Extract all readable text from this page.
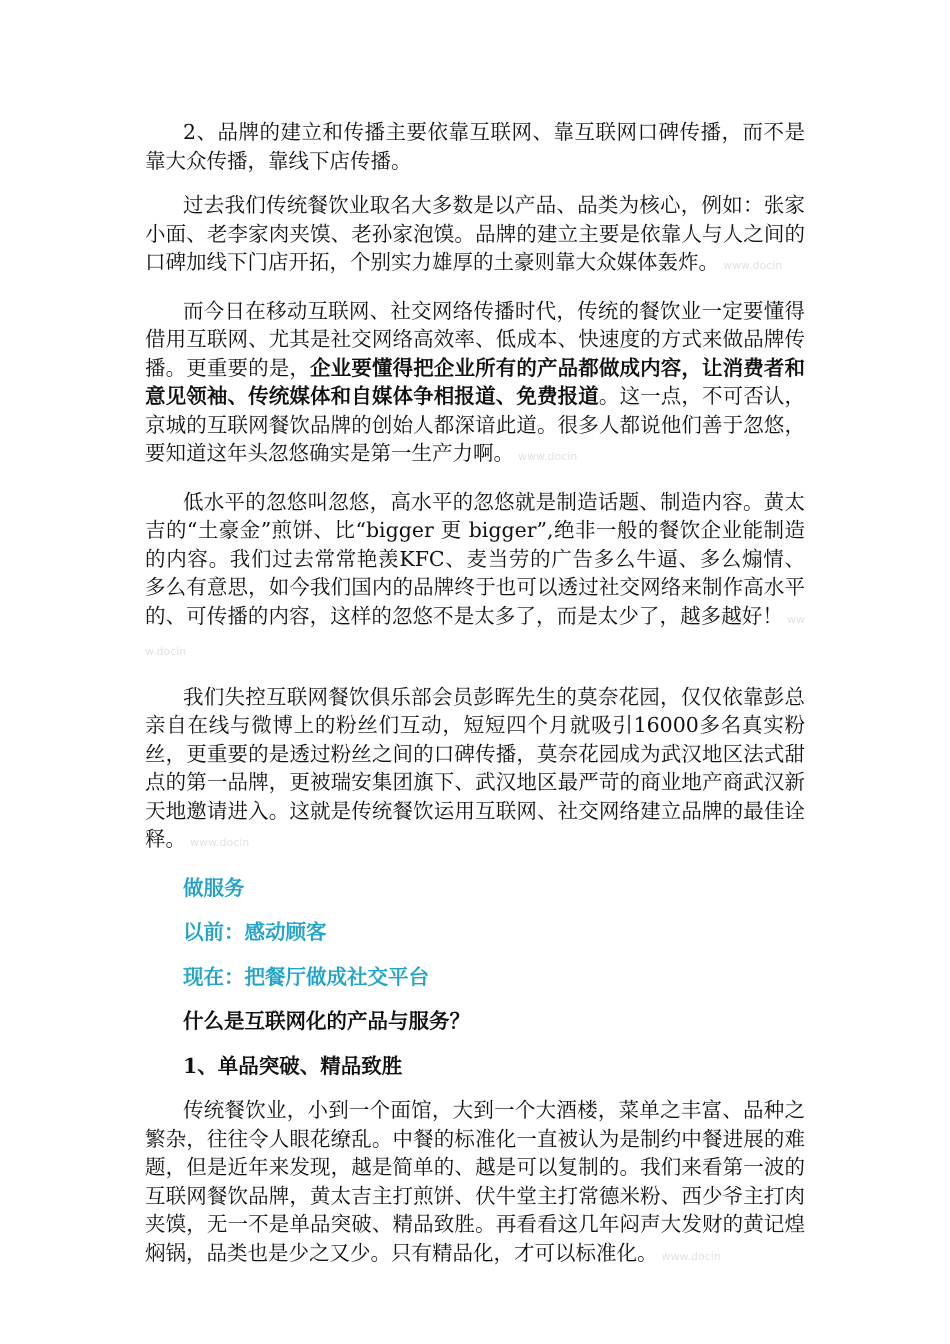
2、品牌的建立和传播主要依靠互联网、靠互联网口碑传播，而不是靠大众传播，靠线下店传播。

过去我们传统餐饮业取名大多数是以产品、品类为核心，例如：张家小面、老李家肉夹馍、老孙家泡馍。品牌的建立主要是依靠人与人之间的口碑加线下门店开拓，个别实力雄厚的土豪则靠大众媒体轰炸。 www.docin

而今日在移动互联网、社交网络传播时代，传统的餐饮业一定要懂得借用互联网、尤其是社交网络高效率、低成本、快速度的方式来做品牌传播。更重要的是，企业要懂得把企业所有的产品都做成内容，让消费者和意见领袖、传统媒体和自媒体争相报道、免费报道。这一点，不可否认，京城的互联网餐饮品牌的创始人都深谙此道。很多人都说他们善于忽悠，要知道这年头忽悠确实是第一生产力啊。 www.docin

低水平的忽悠叫忽悠，高水平的忽悠就是制造话题、制造内容。黄太吉的“土豪金”煎饼、比“bigger 更 bigger”,绝非一般的餐饮企业能制造的内容。我们过去常常艳羡KFC、麦当劳的广告多么牛逼、多么煽情、多么有意思，如今我们国内的品牌终于也可以透过社交网络来制作高水平的、可传播的内容，这样的忽悠不是太多了，而是太少了，越多越好！ www.docin

我们失控互联网餐饮俱乐部会员彭晖先生的莫奈花园，仅仅依靠彭总亲自在线与微博上的粉丝们互动，短短四个月就吸引16000多名真实粉丝，更重要的是透过粉丝之间的口碑传播，莫奈花园成为武汉地区法式甜点的第一品牌，更被瑞安集团旗下、武汉地区最严苛的商业地产商武汉新天地邀请进入。这就是传统餐饮运用互联网、社交网络建立品牌的最佳诠释。 www.docin

做服务
以前：感动顾客
现在：把餐厅做成社交平台
什么是互联网化的产品与服务？
1、单品突破、精品致胜

传统餐饮业，小到一个面馆，大到一个大酒楼，菜单之丰富、品种之繁杂，往往令人眼花缭乱。中餐的标准化一直被认为是制约中餐进展的难题，但是近年来发现，越是简单的、越是可以复制的。我们来看第一波的互联网餐饮品牌，黄太吉主打煎饼、伏牛堂主打常德米粉、西少爷主打肉夹馍，无一不是单品突破、精品致胜。再看看这几年闷声大发财的黄记煌焖锅，品类也是少之又少。只有精品化，才可以标准化。 www.docin
